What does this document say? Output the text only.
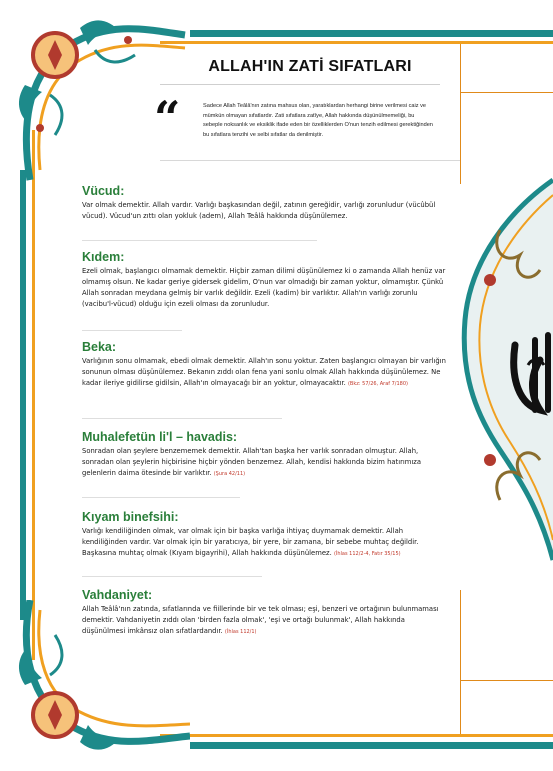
ALLAH'IN ZATİ SIFATLARI
“	Sadece Allah Teâlâ'nın zatına mahsus olan, yaratıklardan herhangi birine verilmesi caiz ve mümkün olmayan sıfatlardır. Zati sıfatlara zatîye, Allah hakkında düşünülmemeliği, bu sebeple noksanlık ve eksiklik ifade eden bir özelliklerden O'nun tenzih edilmesi gerektiğinden bu sıfatlara tenzihi ve selbi sıfatlar da denilmiştir.
Vücud:
Var olmak demektir. Allah vardır. Varlığı başkasından değil, zatının gereğidir, varlığı zorunludur (vücûbül vücud). Vücud'un zıttı olan yokluk (adem), Allah Teâlâ hakkında düşünülemez.
Kıdem:
Ezeli olmak, başlangıcı olmamak demektir. Hiçbir zaman dilimi düşünülemez ki o zamanda Allah henüz var olmamış olsun. Ne kadar geriye gidersek gidelim, O'nun var olmadığı bir zaman yoktur, olmamıştır. Çünkü Allah sonradan meydana gelmiş bir varlık değildir. Ezeli (kadim) bir varlıktır. Allah'ın varlığı zorunlu (vacibu'l-vücud) olduğu için ezeli olması da zorunludur.
Beka:
Varlığının sonu olmamak, ebedi olmak demektir. Allah'ın sonu yoktur. Zaten başlangıcı olmayan bir varlığın sonunun olması düşünülemez. Bekanın zıddı olan fena yani sonlu olmak Allah hakkında düşünülemez. Ne kadar ileriye gidilirse gidilsin, Allah'ın olmayacağı bir an yoktur, olmayacaktır. (Bkz: 57/26, Araf 7/180)
Muhalefetün li'l – havadis:
Sonradan olan şeylere benzememek demektir. Allah'tan başka her varlık sonradan olmuştur. Allah, sonradan olan şeylerin hiçbirisine hiçbir yönden benzemez. Allah, kendisi hakkında bizim hatırımıza gelenlerin daima ötesinde bir varlıktır. (Şura 42/11)
Kıyam binefsihi:
Varlığı kendiliğinden olmak, var olmak için bir başka varlığa ihtiyaç duymamak demektir. Allah kendiliğinden vardır. Var olmak için bir yaratıcıya, bir yere, bir zamana, bir sebebe muhtaç değildir. Başkasına muhtaç olmak (Kıyam bigayrihi), Allah hakkında düşünülemez. (İhlas 112/2-4, Fatır 35/15)
Vahdaniyet:
Allah Teâlâ'nın zatında, sıfatlarında ve fiillerinde bir ve tek olması; eşi, benzeri ve ortağının bulunmaması demektir. Vahdaniyetin zıddı olan 'birden fazla olmak', 'eşi ve ortağı bulunmak', Allah hakkında düşünülmesi imkânsız olan sıfatlardandır. (İhlas 112/1)
